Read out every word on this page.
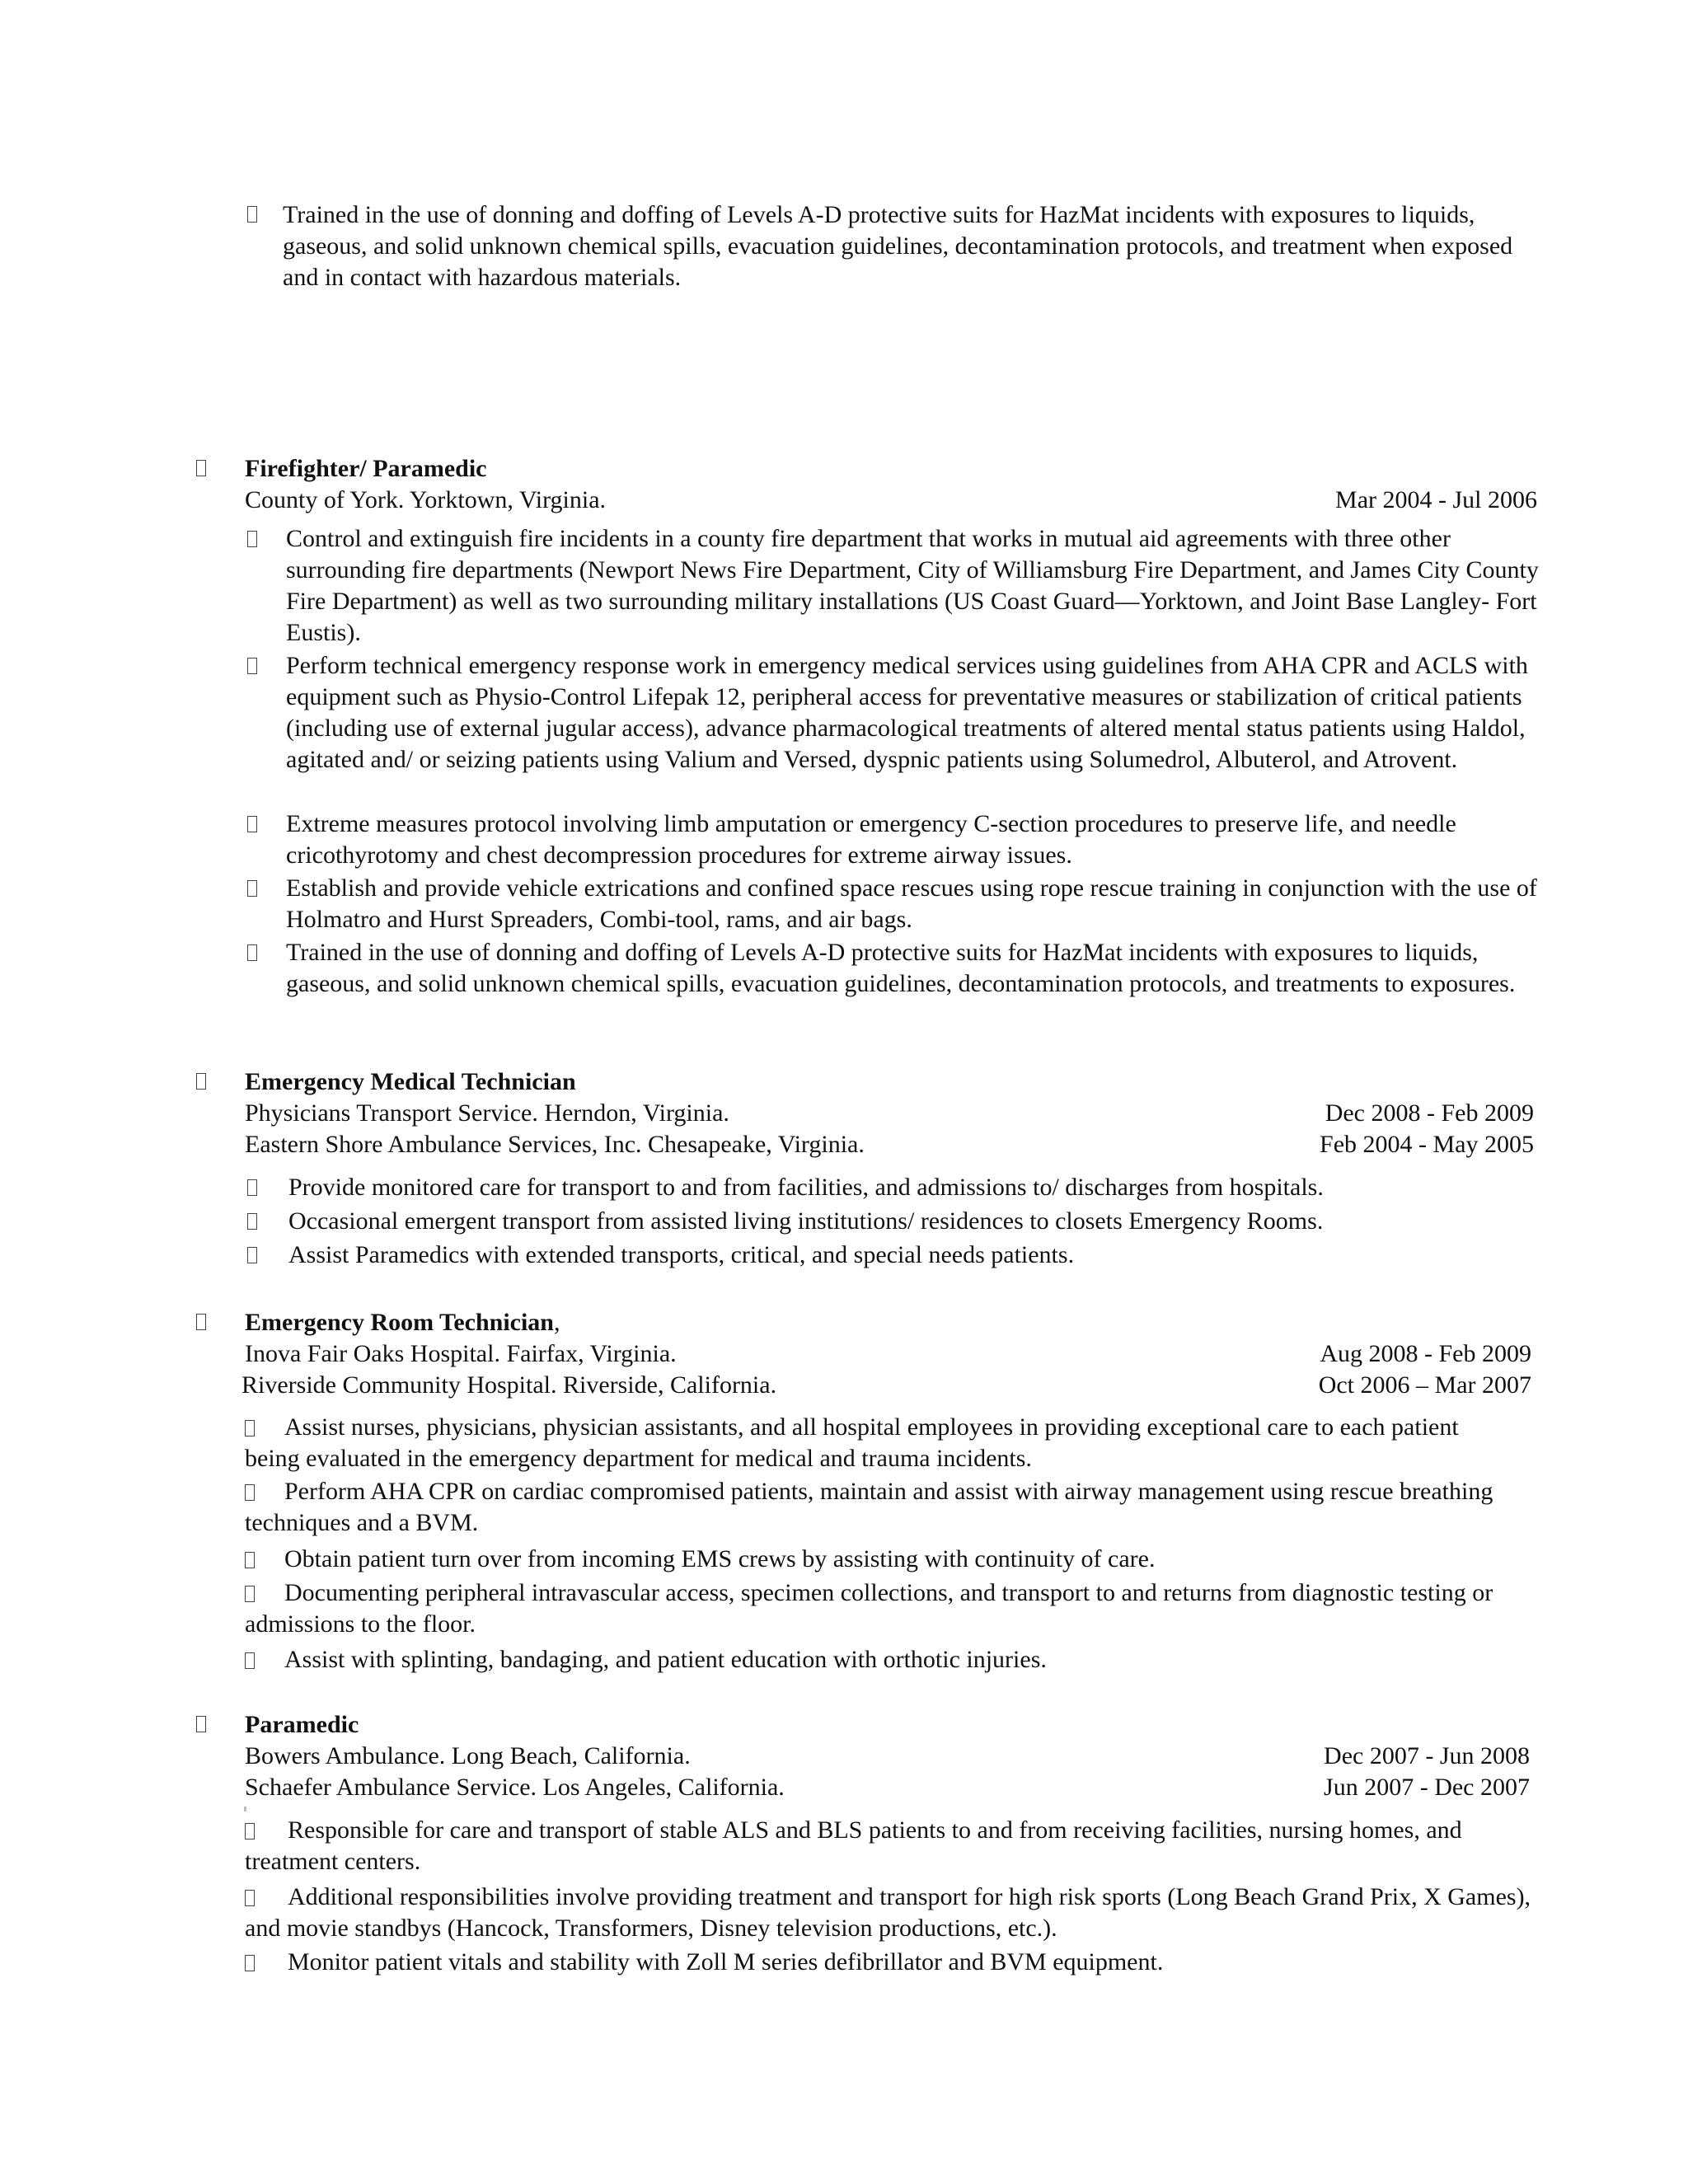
Trained in the use of donning and doffing of Levels A-D protective suits for HazMat incidents with exposures to liquids, gaseous, and solid unknown chemical spills, evacuation guidelines, decontamination protocols, and treatment when exposed and in contact with hazardous materials.
Firefighter/ Paramedic
County of York. Yorktown, Virginia.	Mar 2004 - Jul 2006
Control and extinguish fire incidents in a county fire department that works in mutual aid agreements with three other surrounding fire departments (Newport News Fire Department, City of Williamsburg Fire Department, and James City County Fire Department) as well as two surrounding military installations (US Coast Guard—Yorktown, and Joint Base Langley- Fort Eustis).
Perform technical emergency response work in emergency medical services using guidelines from AHA CPR and ACLS with equipment such as Physio-Control Lifepak 12, peripheral access for preventative measures or stabilization of critical patients (including use of external jugular access), advance pharmacological treatments of altered mental status patients using Haldol, agitated and/ or seizing patients using Valium and Versed, dyspnic patients using Solumedrol, Albuterol, and Atrovent.
Extreme measures protocol involving limb amputation or emergency C-section procedures to preserve life, and needle cricothyrotomy and chest decompression procedures for extreme airway issues.
Establish and provide vehicle extrications and confined space rescues using rope rescue training in conjunction with the use of Holmatro and Hurst Spreaders, Combi-tool, rams, and air bags.
Trained in the use of donning and doffing of Levels A-D protective suits for HazMat incidents with exposures to liquids, gaseous, and solid unknown chemical spills, evacuation guidelines, decontamination protocols, and treatments to exposures.
Emergency Medical Technician
Physicians Transport Service. Herndon, Virginia.	Dec 2008 - Feb 2009
Eastern Shore Ambulance Services, Inc. Chesapeake, Virginia.	Feb 2004 - May 2005
Provide monitored care for transport to and from facilities, and admissions to/ discharges from hospitals.
Occasional emergent transport from assisted living institutions/ residences to closets Emergency Rooms.
Assist Paramedics with extended transports, critical, and special needs patients.
Emergency Room Technician,
Inova Fair Oaks Hospital. Fairfax, Virginia.	Aug 2008 - Feb 2009
Riverside Community Hospital. Riverside, California.	Oct 2006 – Mar 2007
Assist nurses, physicians, physician assistants, and all hospital employees in providing exceptional care to each patient being evaluated in the emergency department for medical and trauma incidents.
Perform AHA CPR on cardiac compromised patients, maintain and assist with airway management using rescue breathing techniques and a BVM.
Obtain patient turn over from incoming EMS crews by assisting with continuity of care.
Documenting peripheral intravascular access, specimen collections, and transport to and returns from diagnostic testing or admissions to the floor.
Assist with splinting, bandaging, and patient education with orthotic injuries.
Paramedic
Bowers Ambulance. Long Beach, California.	Dec 2007 - Jun 2008
Schaefer Ambulance Service. Los Angeles, California.	Jun 2007 - Dec 2007
Responsible for care and transport of stable ALS and BLS patients to and from receiving facilities, nursing homes, and treatment centers.
Additional responsibilities involve providing treatment and transport for high risk sports (Long Beach Grand Prix, X Games), and movie standbys (Hancock, Transformers, Disney television productions, etc.).
Monitor patient vitals and stability with Zoll M series defibrillator and BVM equipment.
